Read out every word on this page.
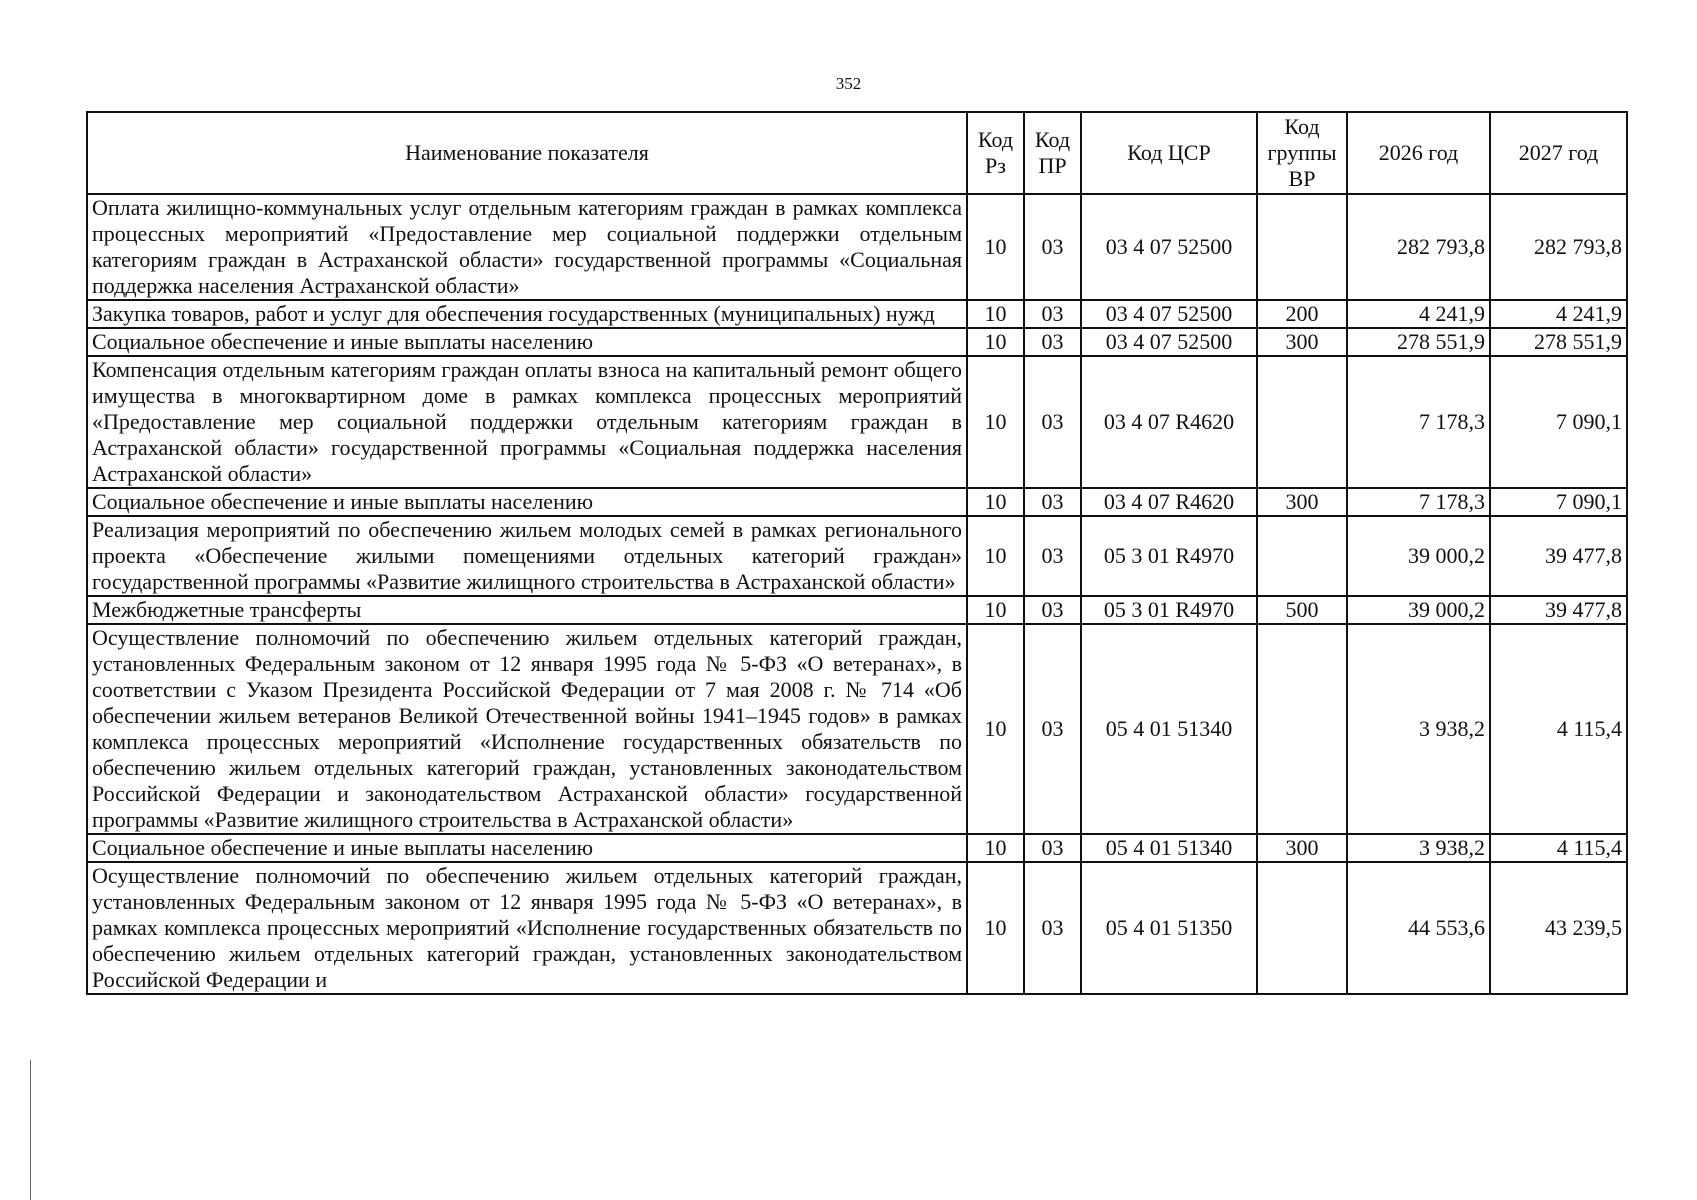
352
Наименование показателя	Код Рз	Код ПР	Код ЦСР	Код группы ВР	2026 год	2027 год
Оплата жилищно-коммунальных услуг отдельным категориям граждан в рамках комплекса процессных мероприятий «Предоставление мер социальной поддержки отдельным категориям граждан в Астраханской области» государственной программы «Социальная поддержка населения Астраханской области»	10	03	03 4 07 52500		282 793,8	282 793,8
Закупка товаров, работ и услуг для обеспечения государственных (муниципальных) нужд	10	03	03 4 07 52500	200	4 241,9	4 241,9
Социальное обеспечение и иные выплаты населению	10	03	03 4 07 52500	300	278 551,9	278 551,9
Компенсация отдельным категориям граждан оплаты взноса на капитальный ремонт общего имущества в многоквартирном доме в рамках комплекса процессных мероприятий «Предоставление мер социальной поддержки отдельным категориям граждан в Астраханской области» государственной программы «Социальная поддержка населения Астраханской области»	10	03	03 4 07 R4620		7 178,3	7 090,1
Социальное обеспечение и иные выплаты населению	10	03	03 4 07 R4620	300	7 178,3	7 090,1
Реализация мероприятий по обеспечению жильем молодых семей в рамках регионального проекта «Обеспечение жилыми помещениями отдельных категорий граждан» государственной программы «Развитие жилищного строительства в Астраханской области»	10	03	05 3 01 R4970		39 000,2	39 477,8
Межбюджетные трансферты	10	03	05 3 01 R4970	500	39 000,2	39 477,8
Осуществление полномочий по обеспечению жильем отдельных категорий граждан, установленных Федеральным законом от 12 января 1995 года № 5-ФЗ «О ветеранах», в соответствии с Указом Президента Российской Федерации от 7 мая 2008 г. № 714 «Об обеспечении жильем ветеранов Великой Отечественной войны 1941–1945 годов» в рамках комплекса процессных мероприятий «Исполнение государственных обязательств по обеспечению жильем отдельных категорий граждан, установленных законодательством Российской Федерации и законодательством Астраханской области» государственной программы «Развитие жилищного строительства в Астраханской области»	10	03	05 4 01 51340		3 938,2	4 115,4
Социальное обеспечение и иные выплаты населению	10	03	05 4 01 51340	300	3 938,2	4 115,4
Осуществление полномочий по обеспечению жильем отдельных категорий граждан, установленных Федеральным законом от 12 января 1995 года № 5-ФЗ «О ветеранах», в рамках комплекса процессных мероприятий «Исполнение государственных обязательств по обеспечению жильем отдельных категорий граждан, установленных законодательством Российской Федерации и	10	03	05 4 01 51350		44 553,6	43 239,5
